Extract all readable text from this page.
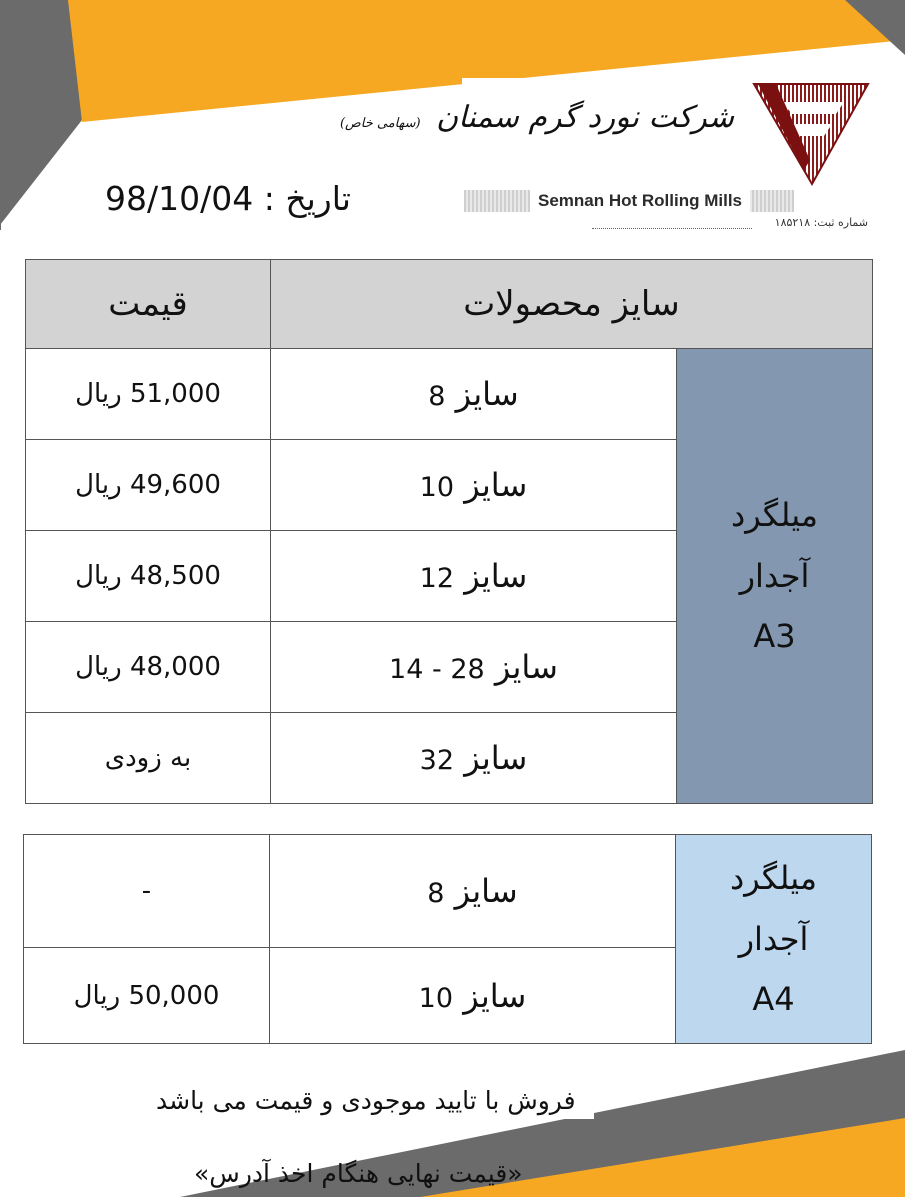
تاریخ : 98/10/04
شرکت نورد گرم سمنان (سهامی خاص)
Semnan Hot Rolling Mills
شماره ثبت: ۱۸۵۲۱۸
قیمت	سایز محصولات	
51,000 ریال	سایز 8	میلگرد
آجدار
A3

49,600 ریال	سایز 10	
48,500 ریال	سایز 12	
48,000 ریال	سایز 28 - 14	
به زودی	سایز 32	
-	سایز 8	میلگرد
آجدار
A4

50,000 ریال	سایز 10	
فروش با تایید موجودی و قیمت می باشد
«قیمت نهایی هنگام اخذ آدرس»
